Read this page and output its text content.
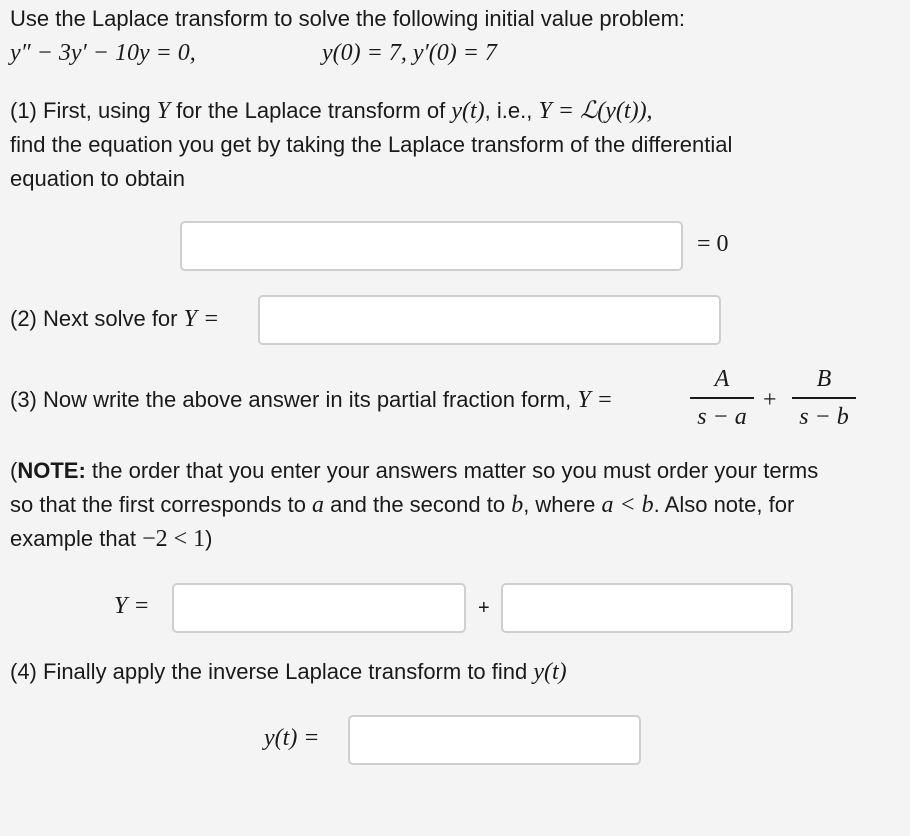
Use the Laplace transform to solve the following initial value problem:
y″ − 3y′ − 10y = 0,	y(0) = 7, y′(0) = 7
(1) First, using Y for the Laplace transform of y(t), i.e., Y = ℒ(y(t)),
find the equation you get by taking the Laplace transform of the differential
equation to obtain
= 0
(2) Next solve for Y =
(3) Now write the above answer in its partial fraction form, Y =
A
s − a
+
B
s − b
(NOTE: the order that you enter your answers matter so you must order your terms
so that the first corresponds to a and the second to b, where a < b. Also note, for
example that −2 < 1)
Y =	+
(4) Finally apply the inverse Laplace transform to find y(t)
y(t) =
